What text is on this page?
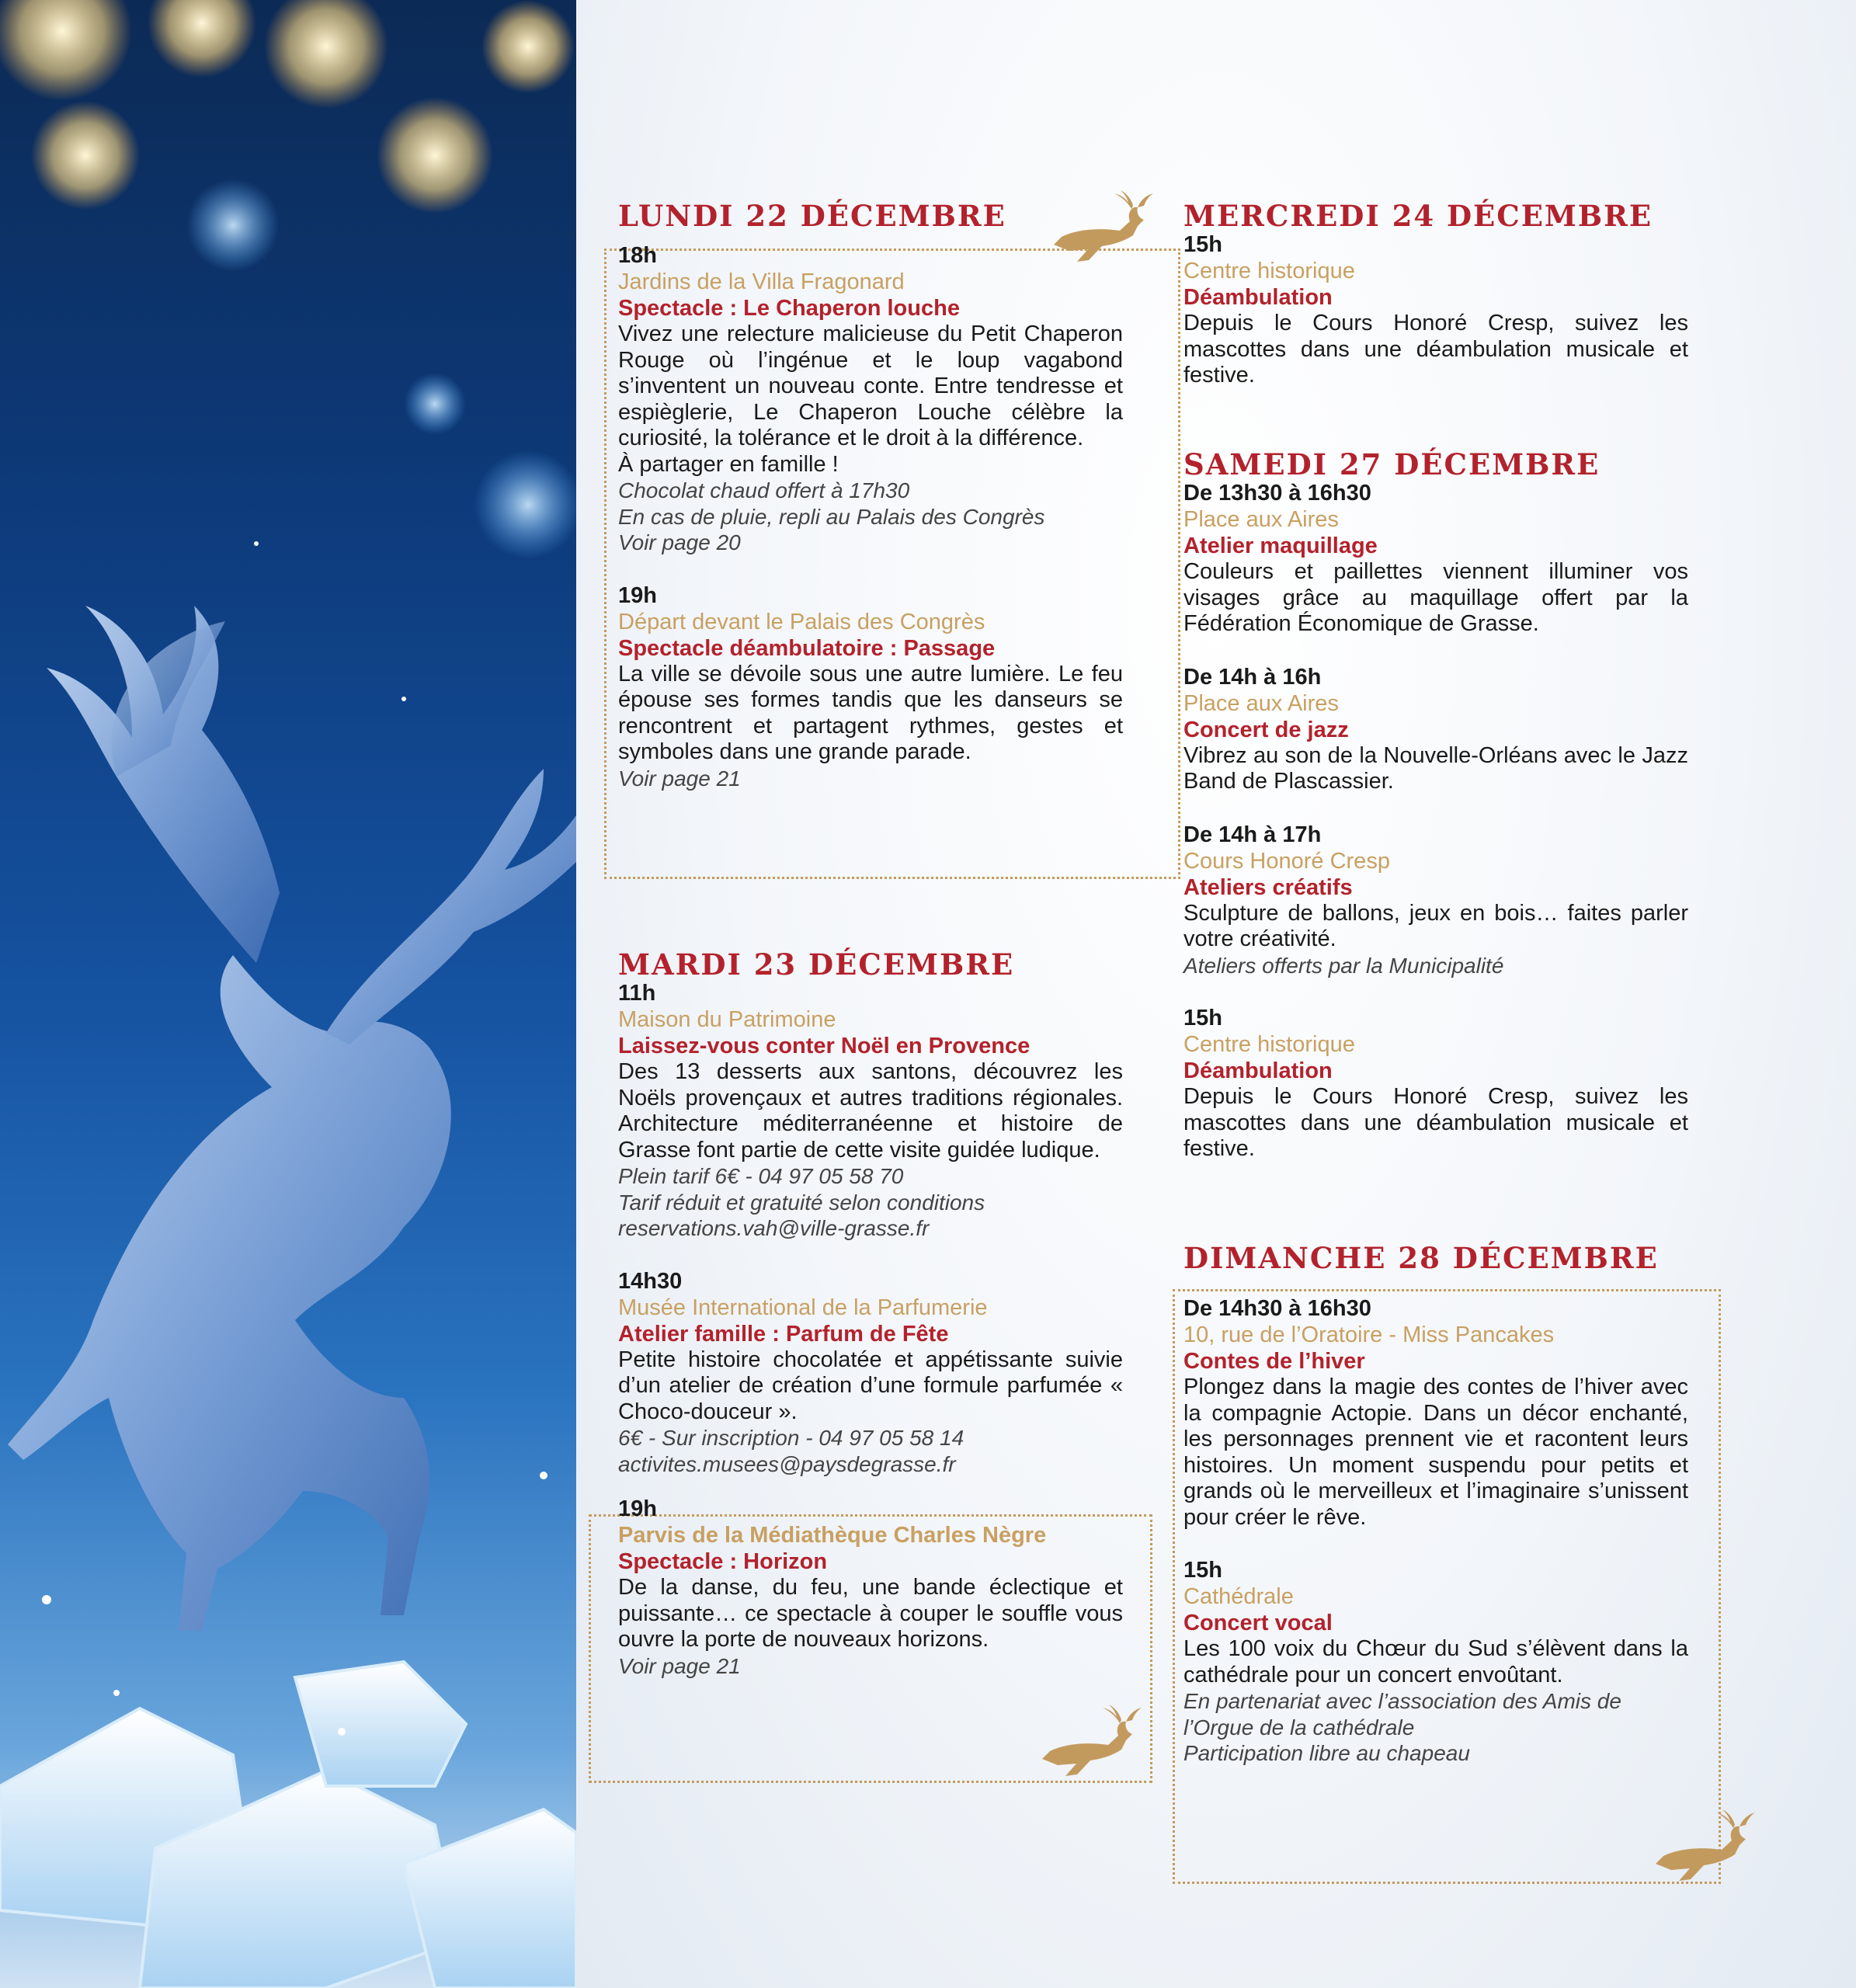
LUNDI 22 DÉCEMBRE
18h
Jardins de la Villa Fragonard
Spectacle : Le Chaperon louche
Vivez une relecture malicieuse du Petit Chaperon Rouge où l’ingénue et le loup vagabond s’inventent un nouveau conte. Entre tendresse et espièglerie, Le Chaperon Louche célèbre la curiosité, la tolérance et le droit à la différence.
À partager en famille !
Chocolat chaud offert à 17h30
En cas de pluie, repli au Palais des Congrès
Voir page 20
19h
Départ devant le Palais des Congrès
Spectacle déambulatoire : Passage
La ville se dévoile sous une autre lumière. Le feu épouse ses formes tandis que les danseurs se rencontrent et partagent rythmes, gestes et symboles dans une grande parade.
Voir page 21
MARDI 23 DÉCEMBRE
11h
Maison du Patrimoine
Laissez-vous conter Noël en Provence
Des 13 desserts aux santons, découvrez les Noëls provençaux et autres traditions régionales. Architecture méditerranéenne et histoire de Grasse font partie de cette visite guidée ludique.
Plein tarif 6€ - 04 97 05 58 70
Tarif réduit et gratuité selon conditions
reservations.vah@ville-grasse.fr
14h30
Musée International de la Parfumerie
Atelier famille : Parfum de Fête
Petite histoire chocolatée et appétissante suivie d’un atelier de création d’une formule parfumée « Choco-douceur ».
6€ - Sur inscription - 04 97 05 58 14
activites.musees@paysdegrasse.fr
19h
Parvis de la Médiathèque Charles Nègre
Spectacle : Horizon
De la danse, du feu, une bande éclectique et puissante… ce spectacle à couper le souffle vous ouvre la porte de nouveaux horizons.
Voir page 21
MERCREDI 24 DÉCEMBRE
15h
Centre historique
Déambulation
Depuis le Cours Honoré Cresp, suivez les mascottes dans une déambulation musicale et festive.
SAMEDI 27 DÉCEMBRE
De 13h30 à 16h30
Place aux Aires
Atelier maquillage
Couleurs et paillettes viennent illuminer vos visages grâce au maquillage offert par la Fédération Économique de Grasse.
De 14h à 16h
Place aux Aires
Concert de jazz
Vibrez au son de la Nouvelle-Orléans avec le Jazz Band de Plascassier.
De 14h à 17h
Cours Honoré Cresp
Ateliers créatifs
Sculpture de ballons, jeux en bois… faites parler votre créativité.
Ateliers offerts par la Municipalité
15h
Centre historique
Déambulation
Depuis le Cours Honoré Cresp, suivez les mascottes dans une déambulation musicale et festive.
DIMANCHE 28 DÉCEMBRE
De 14h30 à 16h30
10, rue de l’Oratoire - Miss Pancakes
Contes de l’hiver
Plongez dans la magie des contes de l’hiver avec la compagnie Actopie. Dans un décor enchanté, les personnages prennent vie et racontent leurs histoires. Un moment suspendu pour petits et grands où le merveilleux et l’imaginaire s’unissent pour créer le rêve.
15h
Cathédrale
Concert vocal
Les 100 voix du Chœur du Sud s’élèvent dans la cathédrale pour un concert envoûtant.
En partenariat avec l’association des Amis de l’Orgue de la cathédrale
Participation libre au chapeau
